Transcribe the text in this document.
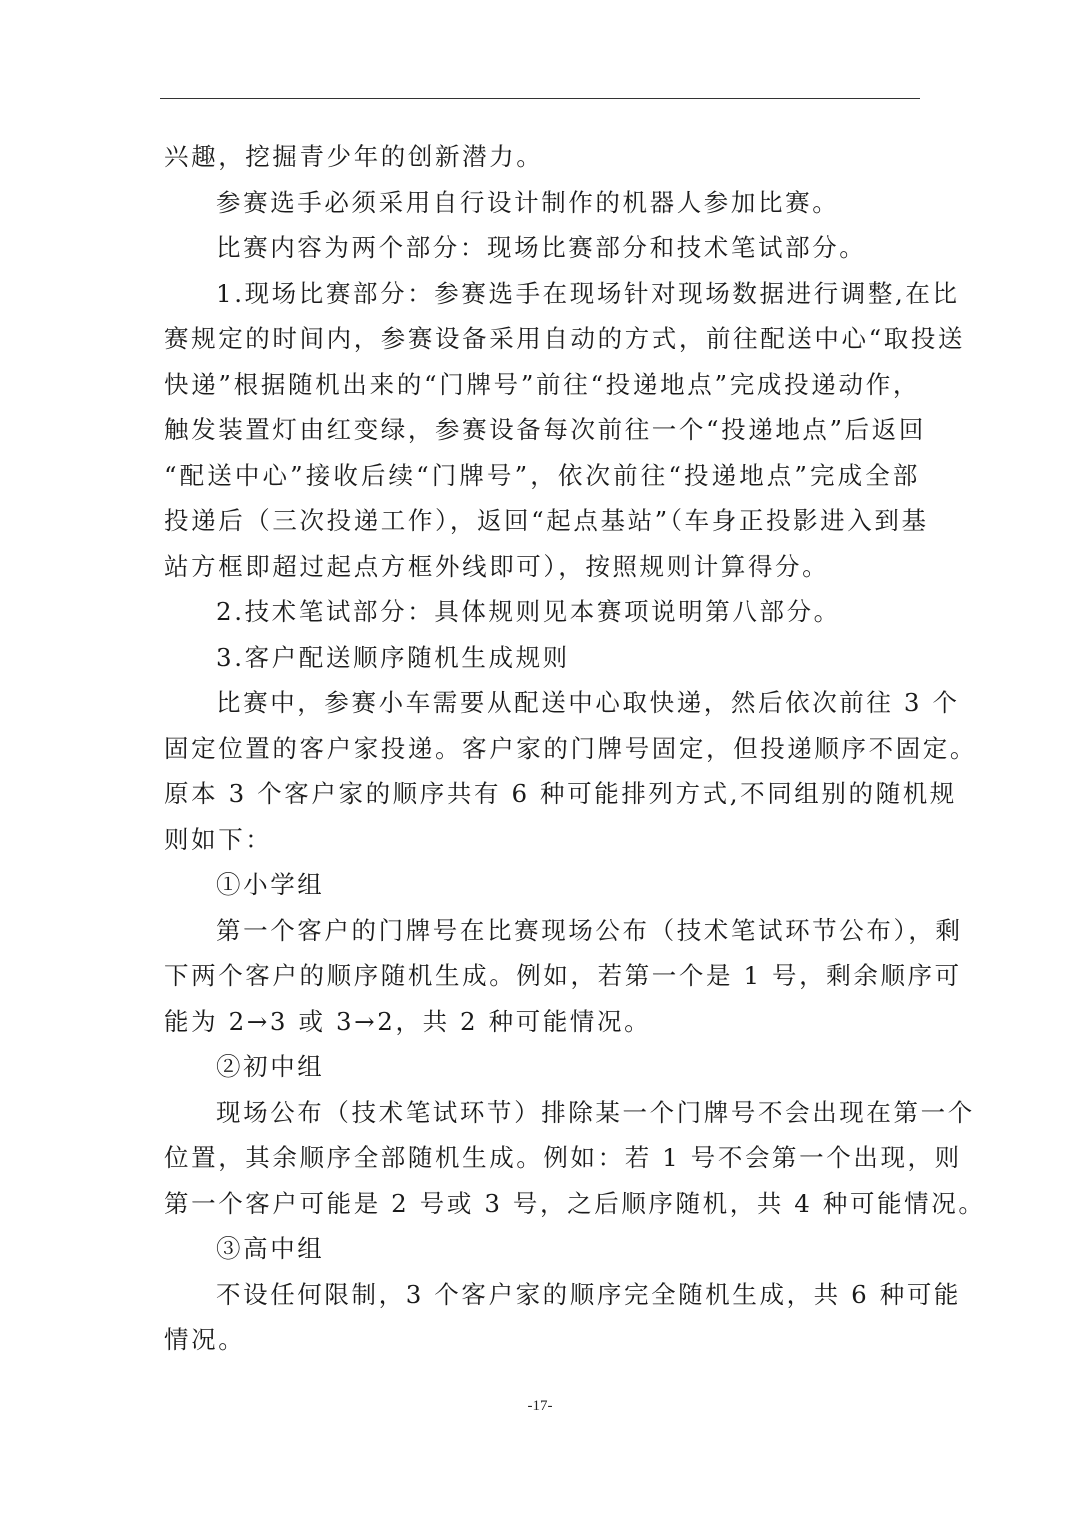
兴趣，挖掘青少年的创新潜力。
参赛选手必须采用自行设计制作的机器人参加比赛。
比赛内容为两个部分：现场比赛部分和技术笔试部分。
1.现场比赛部分：参赛选手在现场针对现场数据进行调整,在比
赛规定的时间内，参赛设备采用自动的方式，前往配送中心“取投送
快递”根据随机出来的“门牌号”前往“投递地点”完成投递动作，
触发装置灯由红变绿，参赛设备每次前往一个“投递地点”后返回
“配送中心”接收后续“门牌号”，依次前往“投递地点”完成全部
投递后（三次投递工作），返回“起点基站”（车身正投影进入到基
站方框即超过起点方框外线即可），按照规则计算得分。
2.技术笔试部分：具体规则见本赛项说明第八部分。
3.客户配送顺序随机生成规则
比赛中，参赛小车需要从配送中心取快递，然后依次前往 3 个
固定位置的客户家投递。客户家的门牌号固定，但投递顺序不固定。
原本 3 个客户家的顺序共有 6 种可能排列方式,不同组别的随机规
则如下：
①小学组
第一个客户的门牌号在比赛现场公布（技术笔试环节公布），剩
下两个客户的顺序随机生成。例如，若第一个是 1 号，剩余顺序可
能为 2→3 或 3→2，共 2 种可能情况。
②初中组
现场公布（技术笔试环节）排除某一个门牌号不会出现在第一个
位置，其余顺序全部随机生成。例如：若 1 号不会第一个出现，则
第一个客户可能是 2 号或 3 号，之后顺序随机，共 4 种可能情况。
③高中组
不设任何限制，3 个客户家的顺序完全随机生成，共 6 种可能
情况。
-17-
